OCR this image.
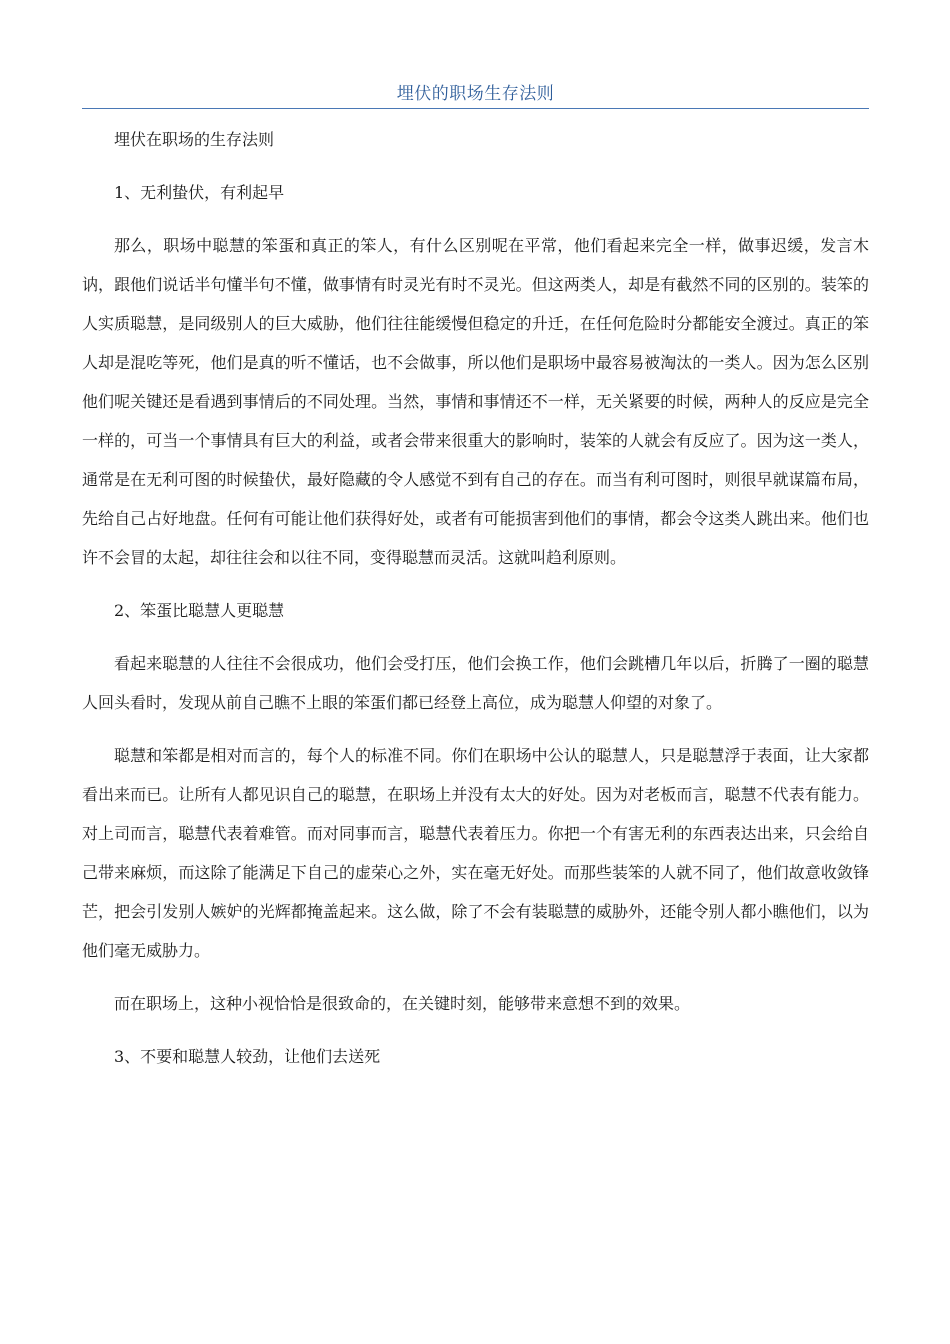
埋伏的职场生存法则

埋伏在职场的生存法则

1、无利蛰伏，有利起早

那么，职场中聪慧的笨蛋和真正的笨人，有什么区别呢在平常，他们看起来完全一样，做事迟缓，发言木讷，跟他们说话半句懂半句不懂，做事情有时灵光有时不灵光。但这两类人，却是有截然不同的区别的。装笨的人实质聪慧，是同级别人的巨大威胁，他们往往能缓慢但稳定的升迁，在任何危险时分都能安全渡过。真正的笨人却是混吃等死，他们是真的听不懂话，也不会做事，所以他们是职场中最容易被淘汰的一类人。因为怎么区别他们呢关键还是看遇到事情后的不同处理。当然，事情和事情还不一样，无关紧要的时候，两种人的反应是完全一样的，可当一个事情具有巨大的利益，或者会带来很重大的影响时，装笨的人就会有反应了。因为这一类人，通常是在无利可图的时候蛰伏，最好隐藏的令人感觉不到有自己的存在。而当有利可图时，则很早就谋篇布局，先给自己占好地盘。任何有可能让他们获得好处，或者有可能损害到他们的事情，都会令这类人跳出来。他们也许不会冒的太起，却往往会和以往不同，变得聪慧而灵活。这就叫趋利原则。

2、笨蛋比聪慧人更聪慧

看起来聪慧的人往往不会很成功，他们会受打压，他们会换工作，他们会跳槽几年以后，折腾了一圈的聪慧人回头看时，发现从前自己瞧不上眼的笨蛋们都已经登上高位，成为聪慧人仰望的对象了。

聪慧和笨都是相对而言的，每个人的标准不同。你们在职场中公认的聪慧人，只是聪慧浮于表面，让大家都看出来而已。让所有人都见识自己的聪慧，在职场上并没有太大的好处。因为对老板而言，聪慧不代表有能力。对上司而言，聪慧代表着难管。而对同事而言，聪慧代表着压力。你把一个有害无利的东西表达出来，只会给自己带来麻烦，而这除了能满足下自己的虚荣心之外，实在毫无好处。而那些装笨的人就不同了，他们故意收敛锋芒，把会引发别人嫉妒的光辉都掩盖起来。这么做，除了不会有装聪慧的威胁外，还能令别人都小瞧他们，以为他们毫无威胁力。

而在职场上，这种小视恰恰是很致命的，在关键时刻，能够带来意想不到的效果。

3、不要和聪慧人较劲，让他们去送死
